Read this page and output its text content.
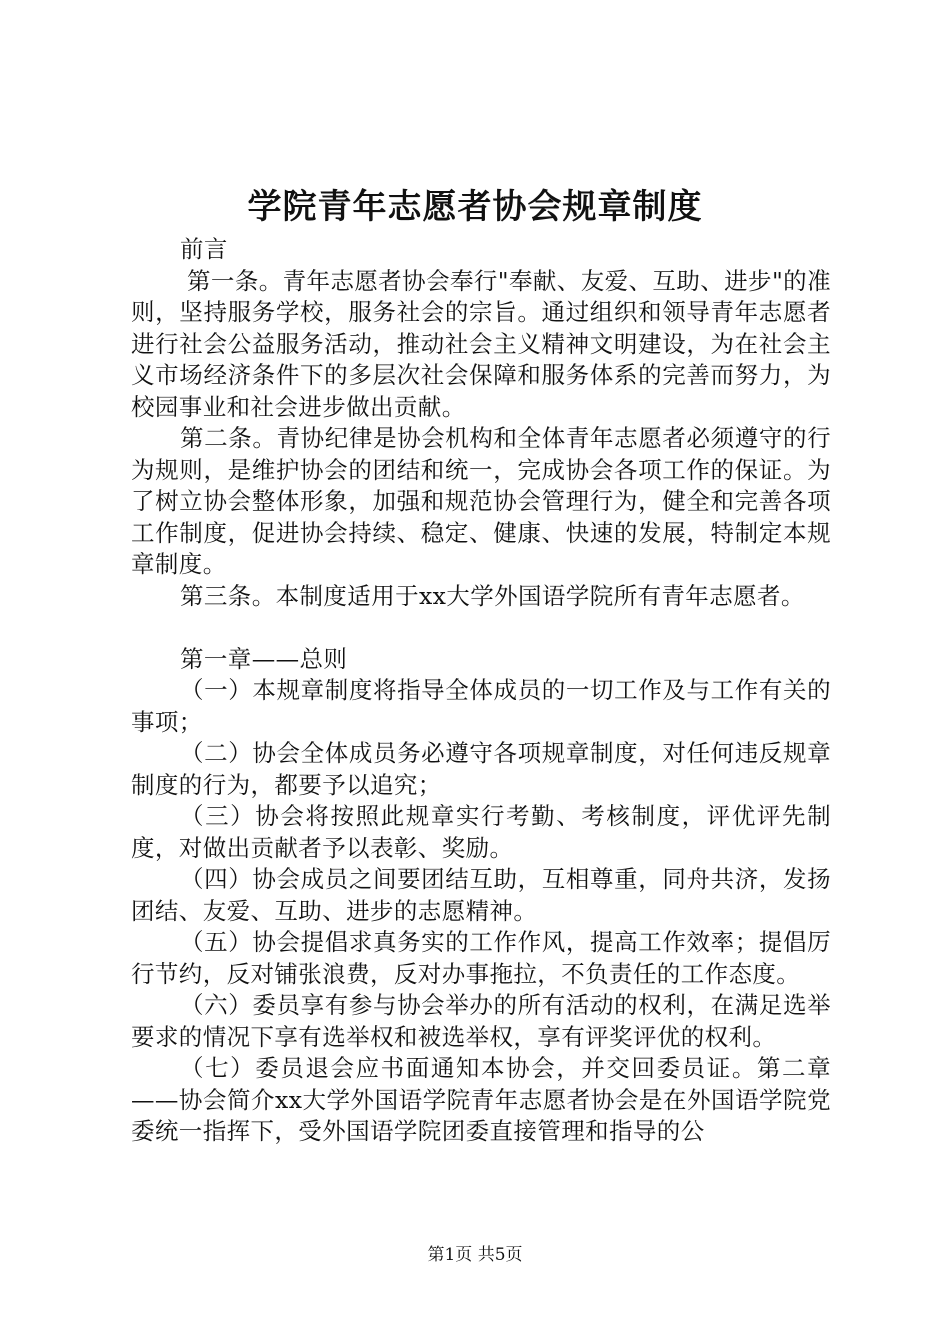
学院青年志愿者协会规章制度

前言

第一条。青年志愿者协会奉行"奉献、友爱、互助、进步"的准则，坚持服务学校，服务社会的宗旨。通过组织和领导青年志愿者进行社会公益服务活动，推动社会主义精神文明建设，为在社会主义市场经济条件下的多层次社会保障和服务体系的完善而努力，为校园事业和社会进步做出贡献。

第二条。青协纪律是协会机构和全体青年志愿者必须遵守的行为规则，是维护协会的团结和统一，完成协会各项工作的保证。为了树立协会整体形象，加强和规范协会管理行为，健全和完善各项工作制度，促进协会持续、稳定、健康、快速的发展，特制定本规章制度。

第三条。本制度适用于xx大学外国语学院所有青年志愿者。

第一章——总则

（一）本规章制度将指导全体成员的一切工作及与工作有关的事项；

（二）协会全体成员务必遵守各项规章制度，对任何违反规章制度的行为，都要予以追究；

（三）协会将按照此规章实行考勤、考核制度，评优评先制度，对做出贡献者予以表彰、奖励。

（四）协会成员之间要团结互助，互相尊重，同舟共济，发扬团结、友爱、互助、进步的志愿精神。

（五）协会提倡求真务实的工作作风，提高工作效率；提倡厉行节约，反对铺张浪费，反对办事拖拉，不负责任的工作态度。

（六）委员享有参与协会举办的所有活动的权利，在满足选举要求的情况下享有选举权和被选举权，享有评奖评优的权利。

（七）委员退会应书面通知本协会，并交回委员证。第二章——协会简介xx大学外国语学院青年志愿者协会是在外国语学院党委统一指挥下，受外国语学院团委直接管理和指导的公

第1页 共5页
